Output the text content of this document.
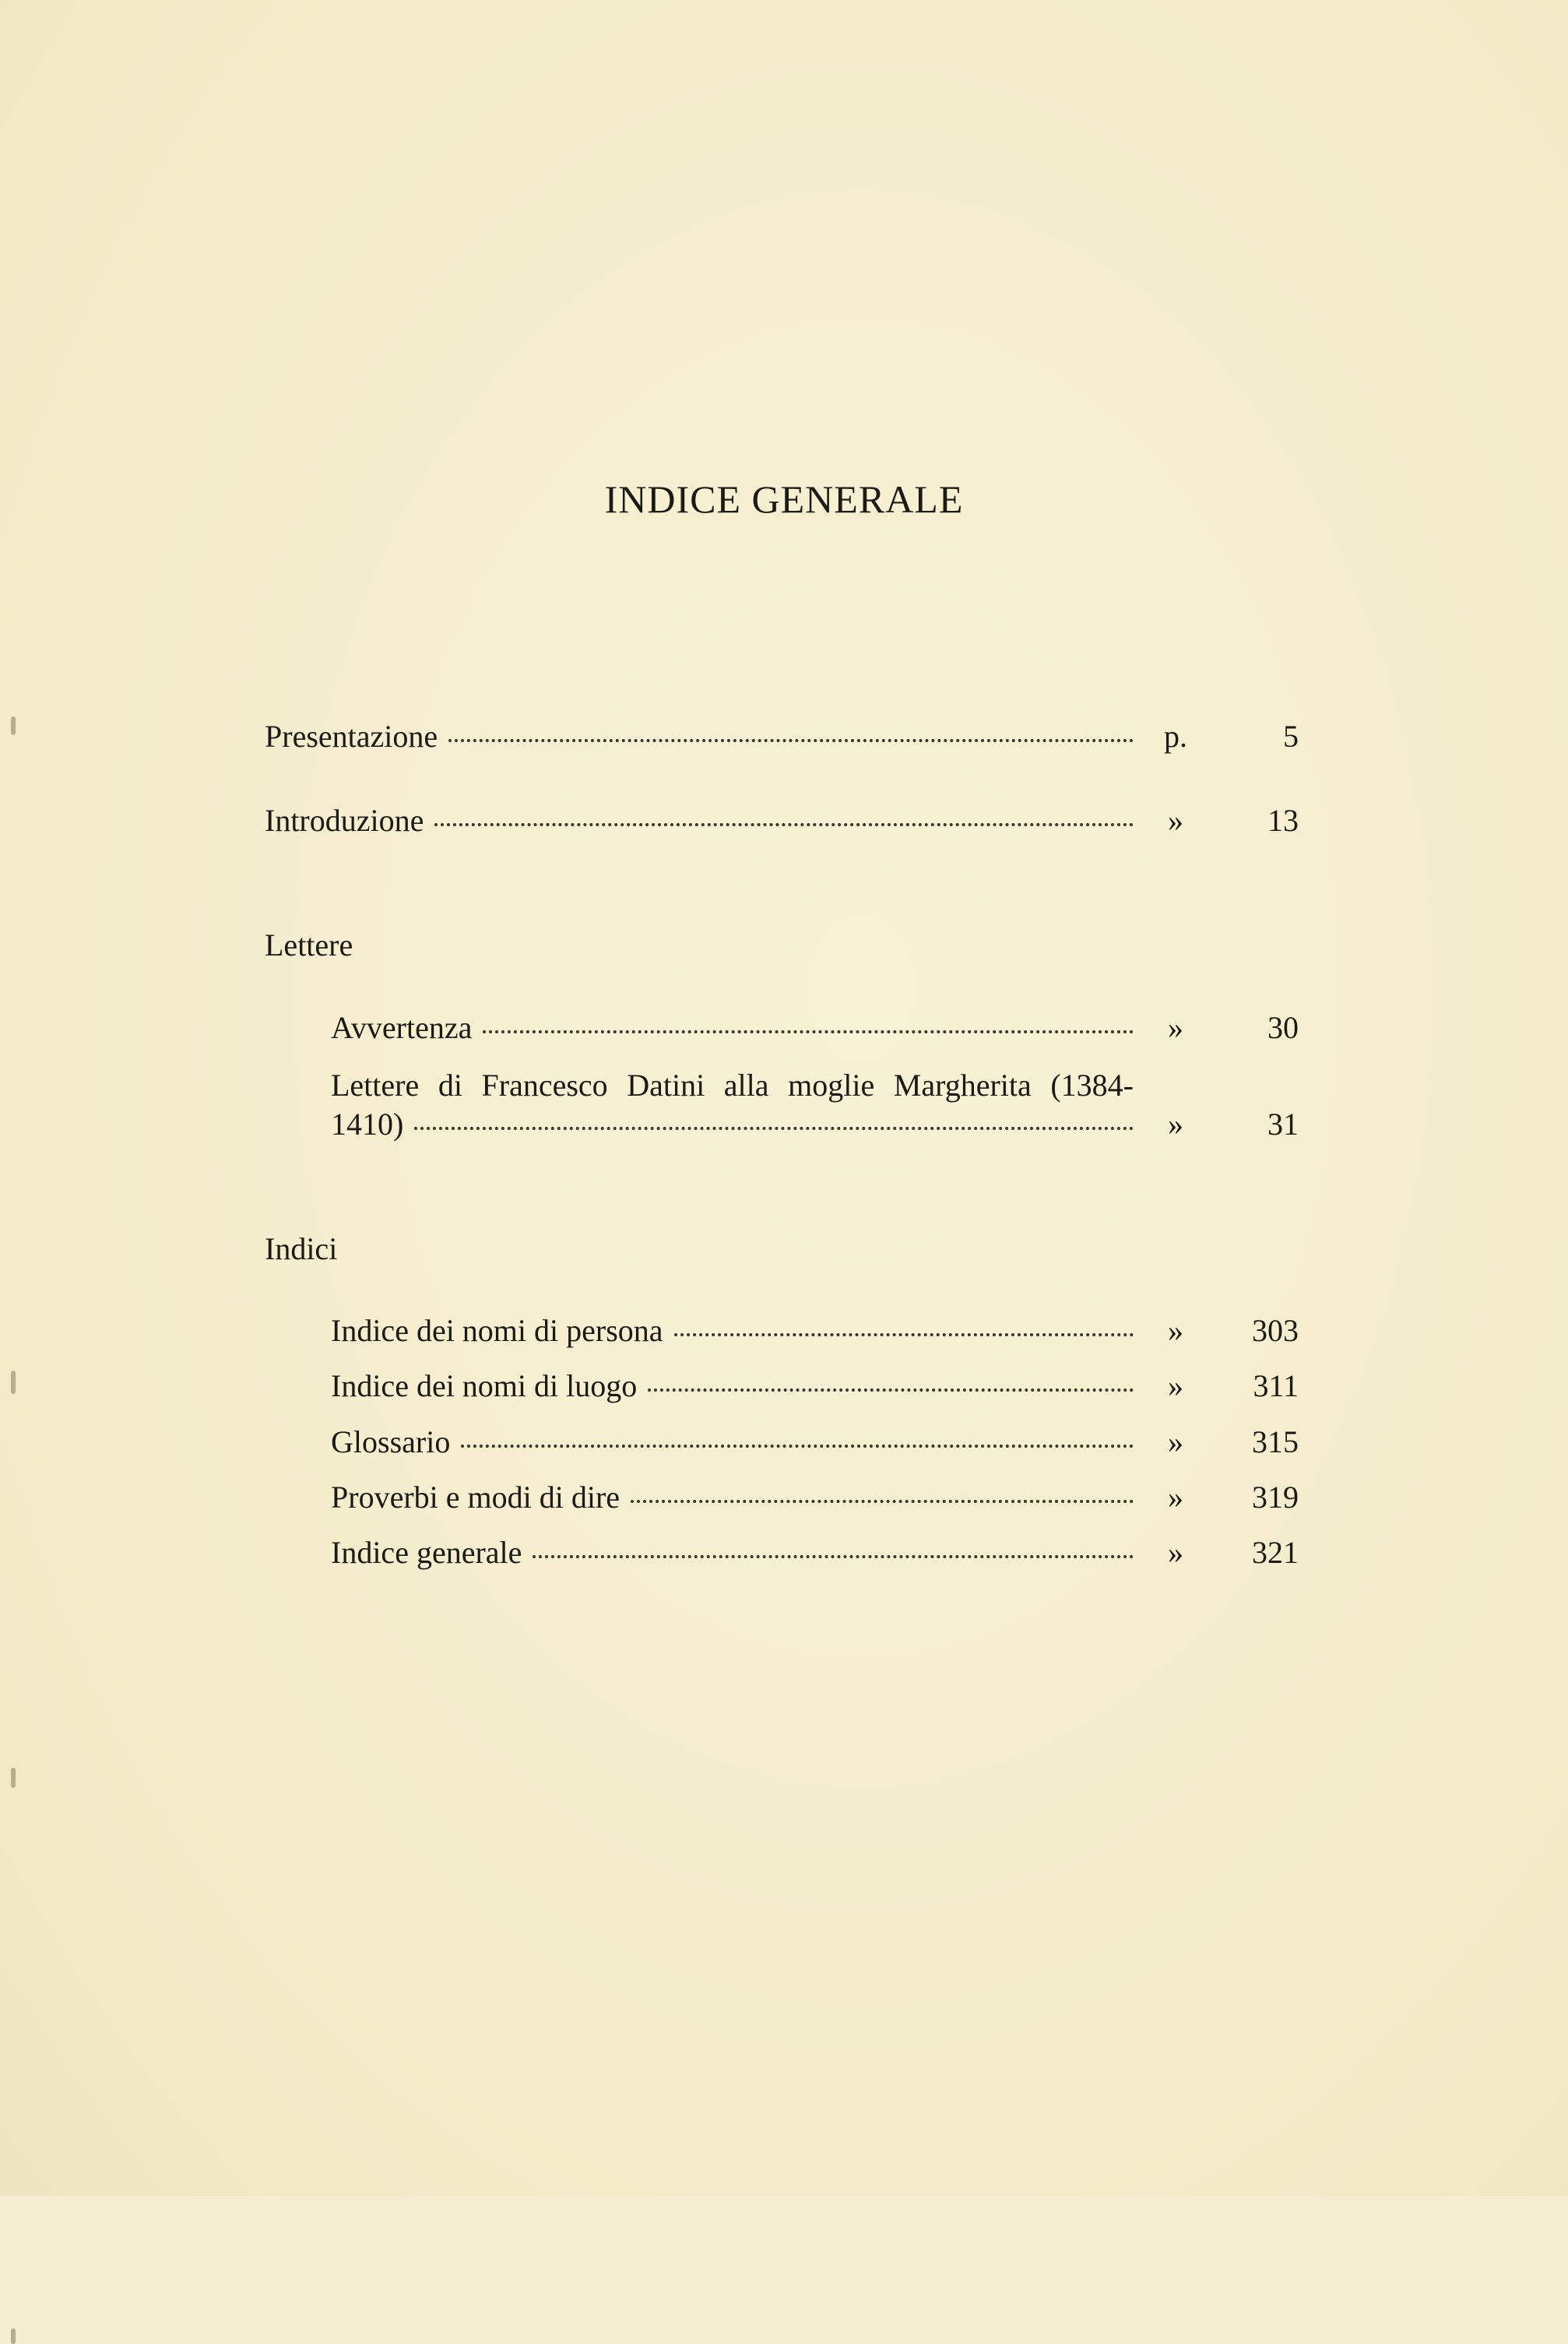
INDICE GENERALE
Presentazione	p.	5
Introduzione	»	13
Lettere
Avvertenza	»	30
Lettere di Francesco Datini alla moglie Margherita (1384-
1410)	»	31
Indici
Indice dei nomi di persona	»	303
Indice dei nomi di luogo	»	311
Glossario	»	315
Proverbi e modi di dire	»	319
Indice generale	»	321
